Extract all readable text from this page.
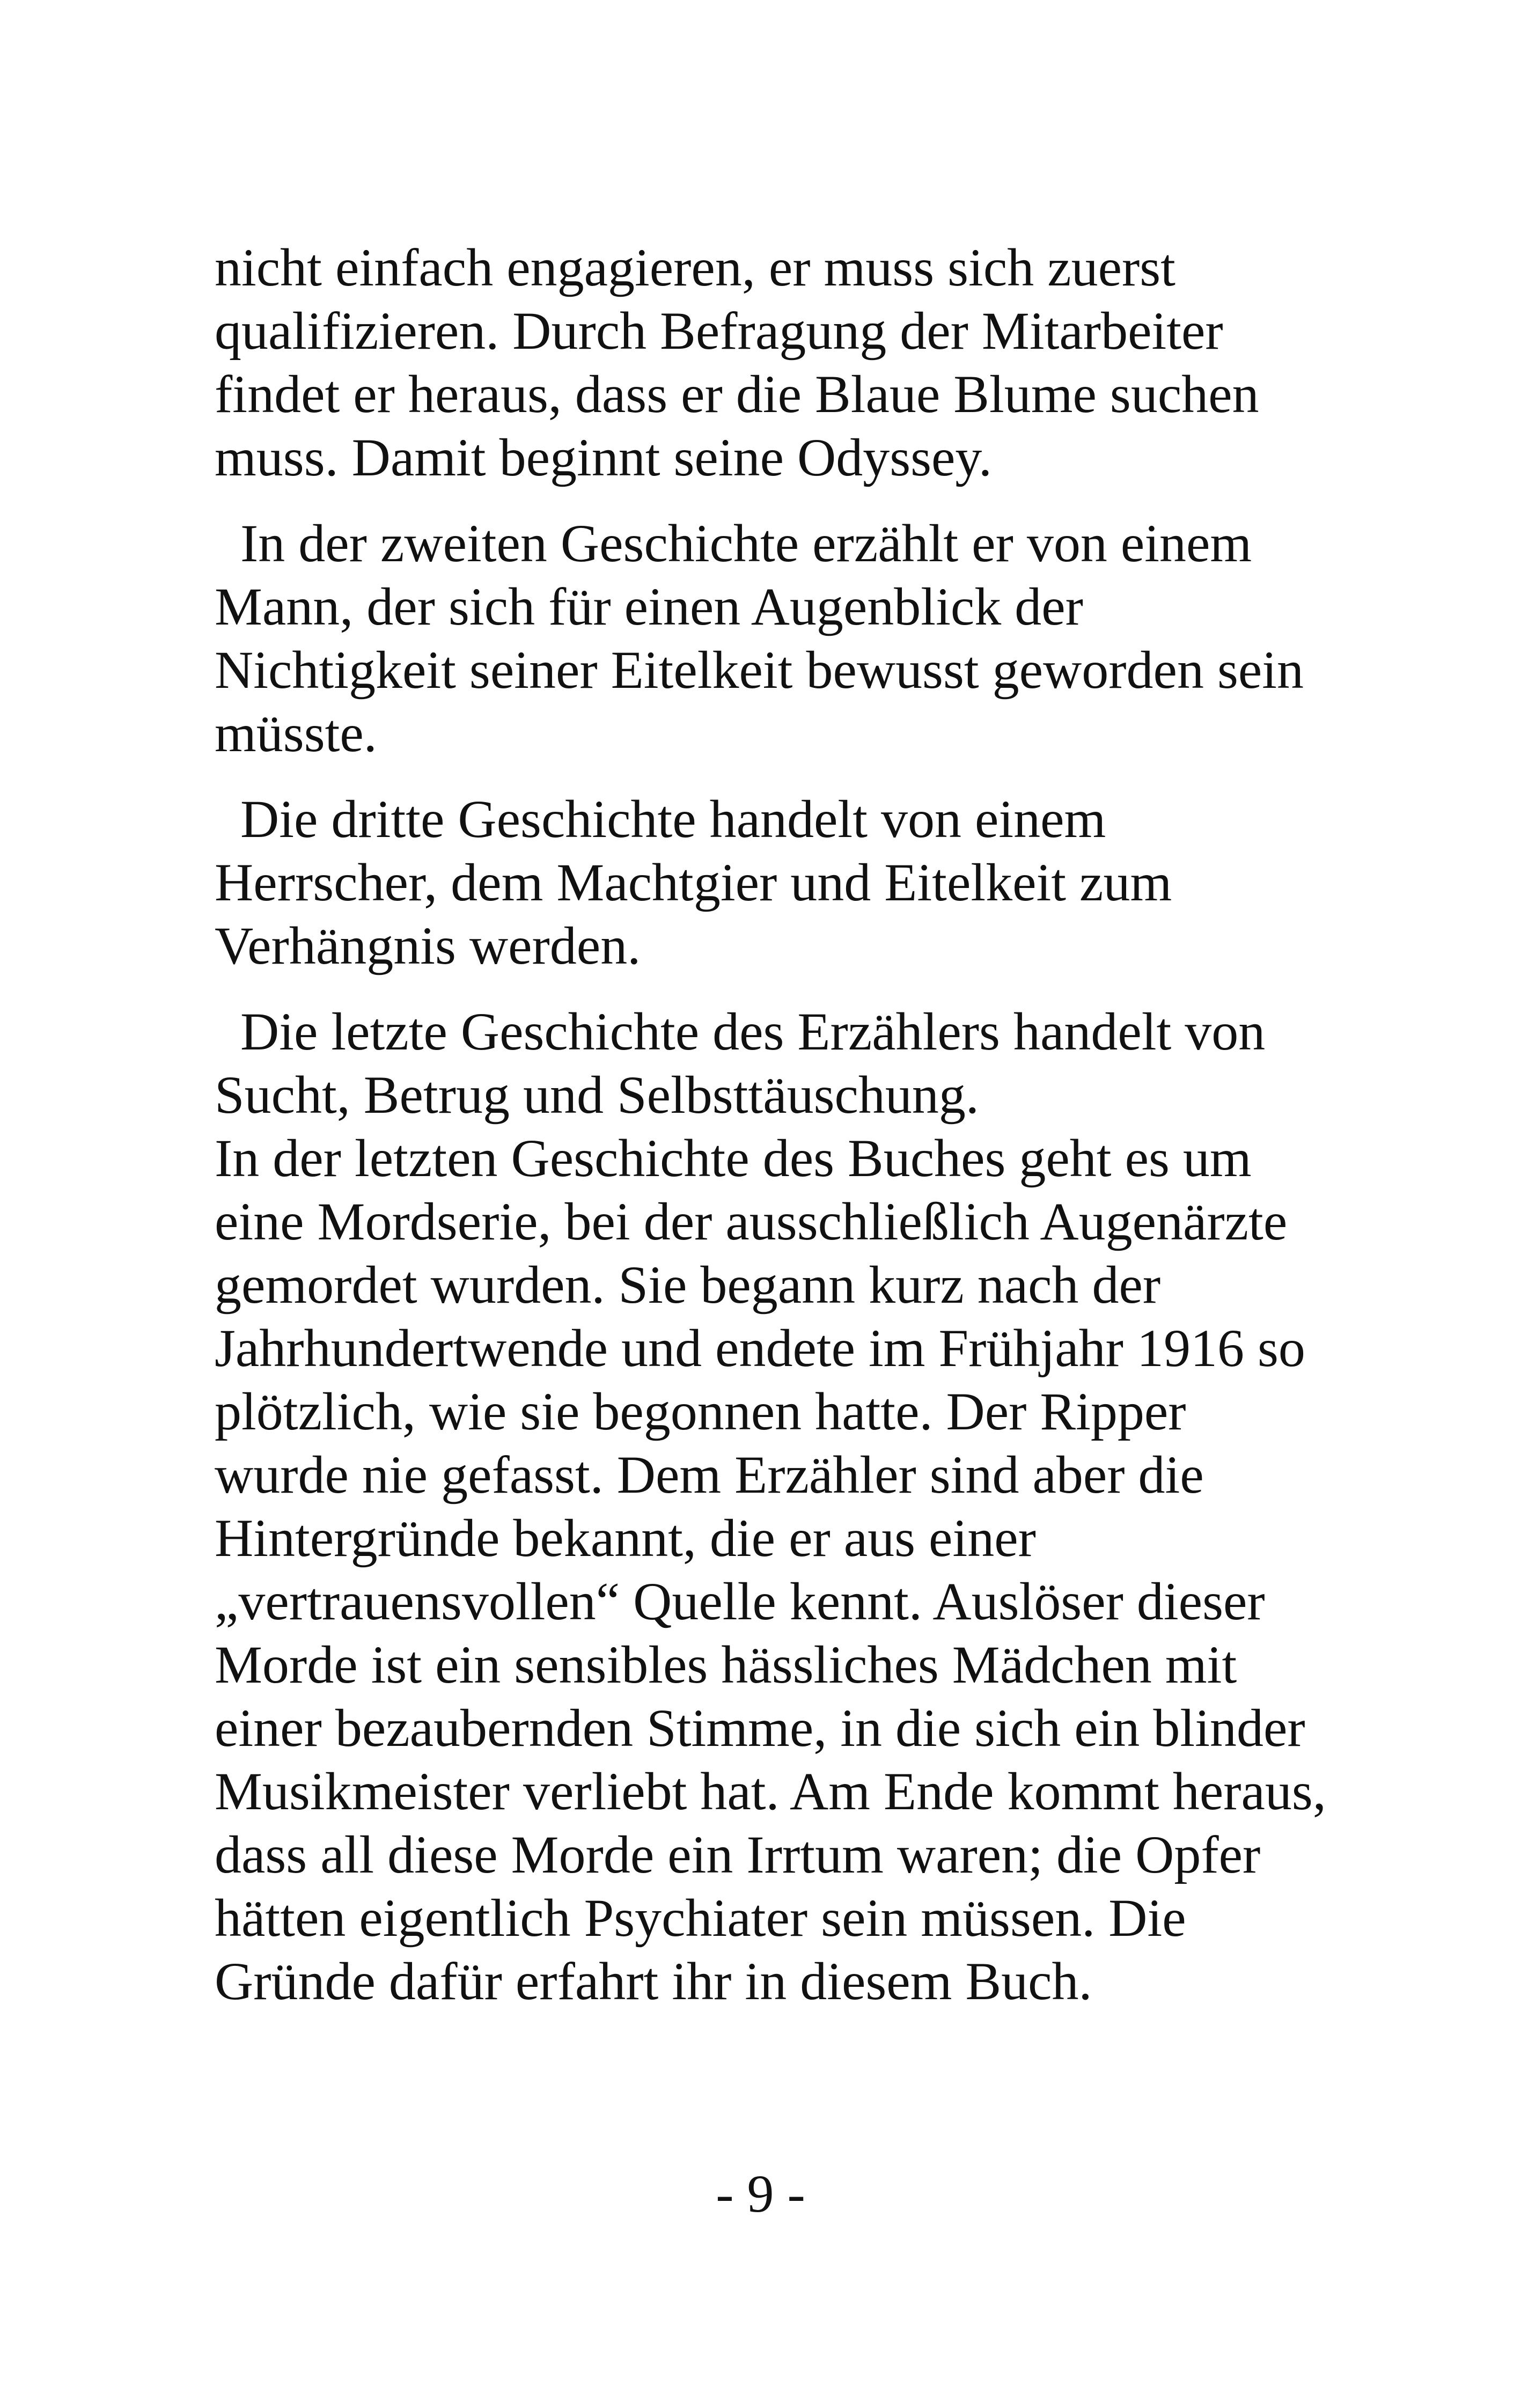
nicht einfach engagieren, er muss sich zuerst
qualifizieren. Durch Befragung der Mitarbeiter
findet er heraus, dass er die Blaue Blume suchen
muss. Damit beginnt seine Odyssey.
In der zweiten Geschichte erzählt er von einem
Mann, der sich für einen Augenblick der
Nichtigkeit seiner Eitelkeit bewusst geworden sein
müsste.
Die dritte Geschichte handelt von einem
Herrscher, dem Machtgier und Eitelkeit zum
Verhängnis werden.
Die letzte Geschichte des Erzählers handelt von
Sucht, Betrug und Selbsttäuschung.
In der letzten Geschichte des Buches geht es um
eine Mordserie, bei der ausschließlich Augenärzte
gemordet wurden. Sie begann kurz nach der
Jahrhundertwende und endete im Frühjahr 1916 so
plötzlich, wie sie begonnen hatte. Der Ripper
wurde nie gefasst. Dem Erzähler sind aber die
Hintergründe bekannt, die er aus einer
„vertrauensvollen“ Quelle kennt. Auslöser dieser
Morde ist ein sensibles hässliches Mädchen mit
einer bezaubernden Stimme, in die sich ein blinder
Musikmeister verliebt hat. Am Ende kommt heraus,
dass all diese Morde ein Irrtum waren; die Opfer
hätten eigentlich Psychiater sein müssen. Die
Gründe dafür erfahrt ihr in diesem Buch.
- 9 -
